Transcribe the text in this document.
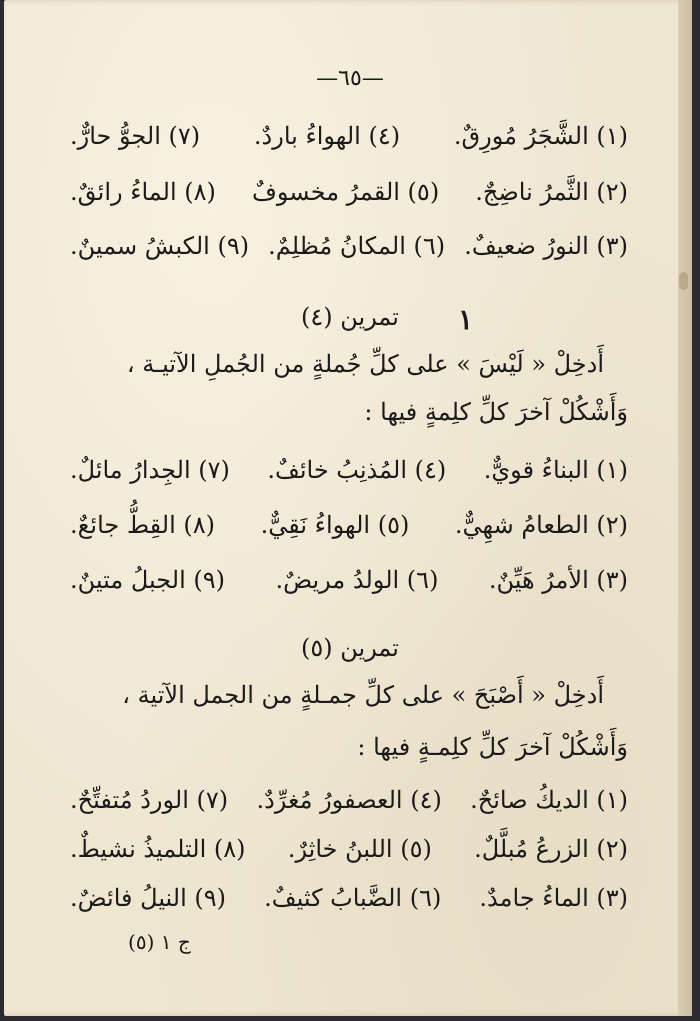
—٦٥—
(١) الشَّجَرُ مُورِقٌ.
(٤) الهواءُ باردٌ.
(٧) الجوُّ حارٌّ.
(٢) الثَّمرُ ناضِجٌ.
(٥) القمرُ مخسوفٌ
(٨) الماءُ رائقٌ.
(٣) النورُ ضعيفٌ.
(٦) المكانُ مُظلِمٌ.
(٩) الكبشُ سمينٌ.
١
تمرين (٤)
أَدخِلْ « لَيْسَ » على كلِّ جُملةٍ من الجُملِ الآتيـة ،
وَأَشْكُلْ آخرَ كلِّ كلِمةٍ فيها :
(١) البناءُ قويٌّ.
(٤) المُذنِبُ خائفٌ.
(٧) الجِدارُ مائلٌ.
(٢) الطعامُ شهِيٌّ.
(٥) الهواءُ نَقِيٌّ.
(٨) القِطُّ جائعٌ.
(٣) الأمرُ هَيِّنٌ.
(٦) الولدُ مريضٌ.
(٩) الجبلُ متينٌ.
تمرين (٥)
أَدخِلْ « أَصْبَحَ » على كلِّ جمـلةٍ من الجمل الآتية ،
وَأَشْكُلْ آخرَ كلِّ كلِمـةٍ فيها :
(١) الديكُ صائحٌ.
(٤) العصفورُ مُغرِّدٌ.
(٧) الوردُ مُتفتِّحٌ.
(٢) الزرعُ مُبلَّلٌ.
(٥) اللبنُ خاثِرٌ.
(٨) التلميذُ نشيطٌ.
(٣) الماءُ جامدٌ.
(٦) الضَّبابُ كثيفٌ.
(٩) النيلُ فائضٌ.
ج ١ (٥)
